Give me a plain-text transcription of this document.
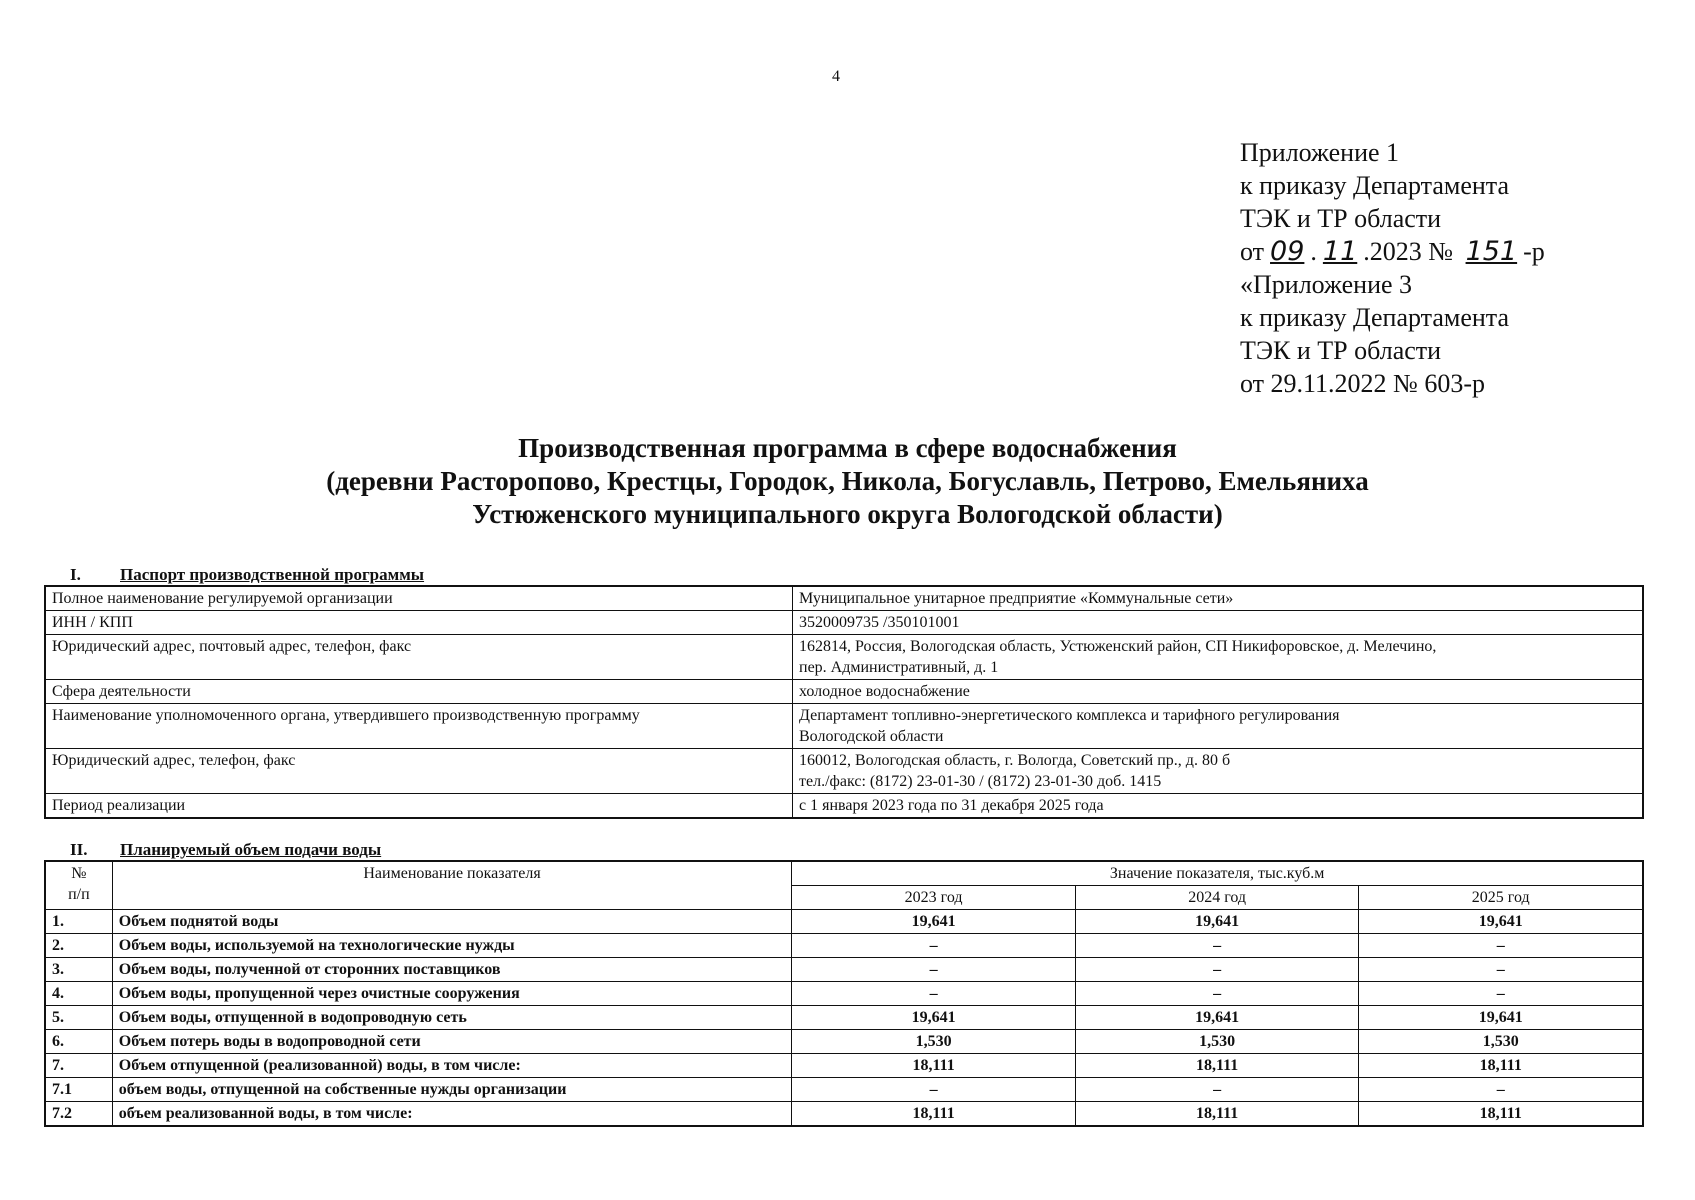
4
Приложение 1
к приказу Департамента
ТЭК и ТР области
от 09 . 11 .2023 № 151 -р
«Приложение 3
к приказу Департамента
ТЭК и ТР области
от 29.11.2022 № 603-р
Производственная программа в сфере водоснабжения
(деревни Расторопово, Крестцы, Городок, Никола, Богуславль, Петрово, Емельяниха
Устюженского муниципального округа Вологодской области)
I. Паспорт производственной программы
Полное наименование регулируемой организации	Муниципальное унитарное предприятие «Коммунальные сети»

ИНН / КПП	3520009735 /350101001

Юридический адрес, почтовый адрес, телефон, факс	162814, Россия, Вологодская область, Устюженский район, СП Никифоровское, д. Мелечино,
пер. Административный, д. 1

Сфера деятельности	холодное водоснабжение

Наименование уполномоченного органа, утвердившего производственную программу	Департамент топливно-энергетического комплекса и тарифного регулирования
Вологодской области

Юридический адрес, телефон, факс	160012, Вологодская область, г. Вологда, Советский пр., д. 80 б
тел./факс: (8172) 23-01-30 / (8172) 23-01-30 доб. 1415

Период реализации	с 1 января 2023 года по 31 декабря 2025 года
II. Планируемый объем подачи воды
№
п/п	Наименование показателя	Значение показателя, тыс.куб.м		
		2023 год	2024 год	2025 год
1.	Объем поднятой воды	19,641	19,641	19,641
2.	Объем воды, используемой на технологические нужды	–	–	–
3.	Объем воды, полученной от сторонних поставщиков	–	–	–
4.	Объем воды, пропущенной через очистные сооружения	–	–	–
5.	Объем воды, отпущенной в водопроводную сеть	19,641	19,641	19,641
6.	Объем потерь воды в водопроводной сети	1,530	1,530	1,530
7.	Объем отпущенной (реализованной) воды, в том числе:	18,111	18,111	18,111
7.1	объем воды, отпущенной на собственные нужды организации	–	–	–
7.2	объем реализованной воды, в том числе:	18,111	18,111	18,111
